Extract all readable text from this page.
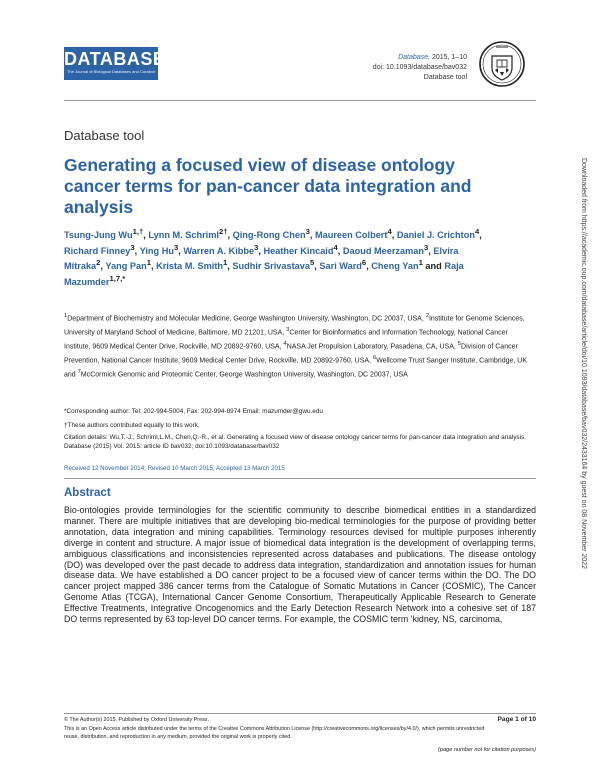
DATABASE
The Journal of Biological Databases and Curation
Database, 2015, 1–10
doi: 10.1093/database/bav032
Database tool
Downloaded from https://academic.oup.com/database/article/doi/10.1093/database/bav032/2433164 by guest on 08 November 2022
Database tool
Generating a focused view of disease ontology cancer terms for pan-cancer data integration and analysis
Tsung-Jung $Wu^{1,\dagger}$, Lynn M. Schriml$^{2\dagger}$, Qing-Rong Chen$^3$, Maureen Colbert$^4$, Daniel J. Crichton$^4$, Richard Finney$^3$, Ying Hu$^3$, Warren A. Kibbe$^3$, Heather Kincaid$^4$, Daoud Meerzaman$^3$, Elvira Mitraka$^2$, Yang Pan$^1$, Krista M. Smith$^1$, Sudhir Srivastava$^5$, Sari Ward$^6$, Cheng Yan$^1$ and Raja Mazumder$^{1,7,*}$
$^1$Department of Biochemistry and Molecular Medicine, George Washington University, Washington, DC 20037, USA, $^2$Institute for Genome Sciences, University of Maryland School of Medicine, Baltimore, MD 21201, USA, $^3$Center for Bioinformatics and Information Technology, National Cancer Institute, 9609 Medical Center Drive, Rockville, MD 20892-9760, USA, $^4$NASA Jet Propulsion Laboratory, Pasadena, CA, USA, $^5$Division of Cancer Prevention, National Cancer Institute, 9609 Medical Center Drive, Rockville, MD 20892-9760, USA, $^6$Wellcome Trust Sanger Institute, Cambridge, UK and $^7$McCormick Genomic and Proteomic Center, George Washington University, Washington, DC 20037, USA
*Corresponding author: Tel: 202-994-5004, Fax: 202-994-8974 Email: mazumder@gwu.edu
†These authors contributed equally to this work.
Citation details: Wu,T.-J., Schriml,L.M., Chen,Q.-R., et al. Generating a focused view of disease ontology cancer terms for pan-cancer data integration and analysis. Database (2015) Vol. 2015: article ID bav032; doi:10.1093/database/bav032
Received 12 November 2014; Revised 10 March 2015; Accepted 13 March 2015
Abstract
Bio-ontologies provide terminologies for the scientific community to describe biomedical entities in a standardized manner. There are multiple initiatives that are developing bio-medical terminologies for the purpose of providing better annotation, data integration and mining capabilities. Terminology resources devised for multiple purposes inherently diverge in content and structure. A major issue of biomedical data integration is the development of overlapping terms, ambiguous classifications and inconsistencies represented across databases and publications. The disease ontology (DO) was developed over the past decade to address data integration, standardization and annotation issues for human disease data. We have established a DO cancer project to be a focused view of cancer terms within the DO. The DO cancer project mapped 386 cancer terms from the Catalogue of Somatic Mutations in Cancer (COSMIC), The Cancer Genome Atlas (TCGA), International Cancer Genome Consortium, Therapeutically Applicable Research to Generate Effective Treatments, Integrative Oncogenomics and the Early Detection Research Network into a cohesive set of 187 DO terms represented by 63 top-level DO cancer terms. For example, the COSMIC term ‘kidney, NS, carcinoma,
© The Author(s) 2015. Published by Oxford University Press.
This is an Open Access article distributed under the terms of the Creative Commons Attribution License (http://creativecommons.org/licenses/by/4.0/), which permits unrestricted reuse, distribution, and reproduction in any medium, provided the original work is properly cited.
Page 1 of 10
(page number not for citation purposes)
